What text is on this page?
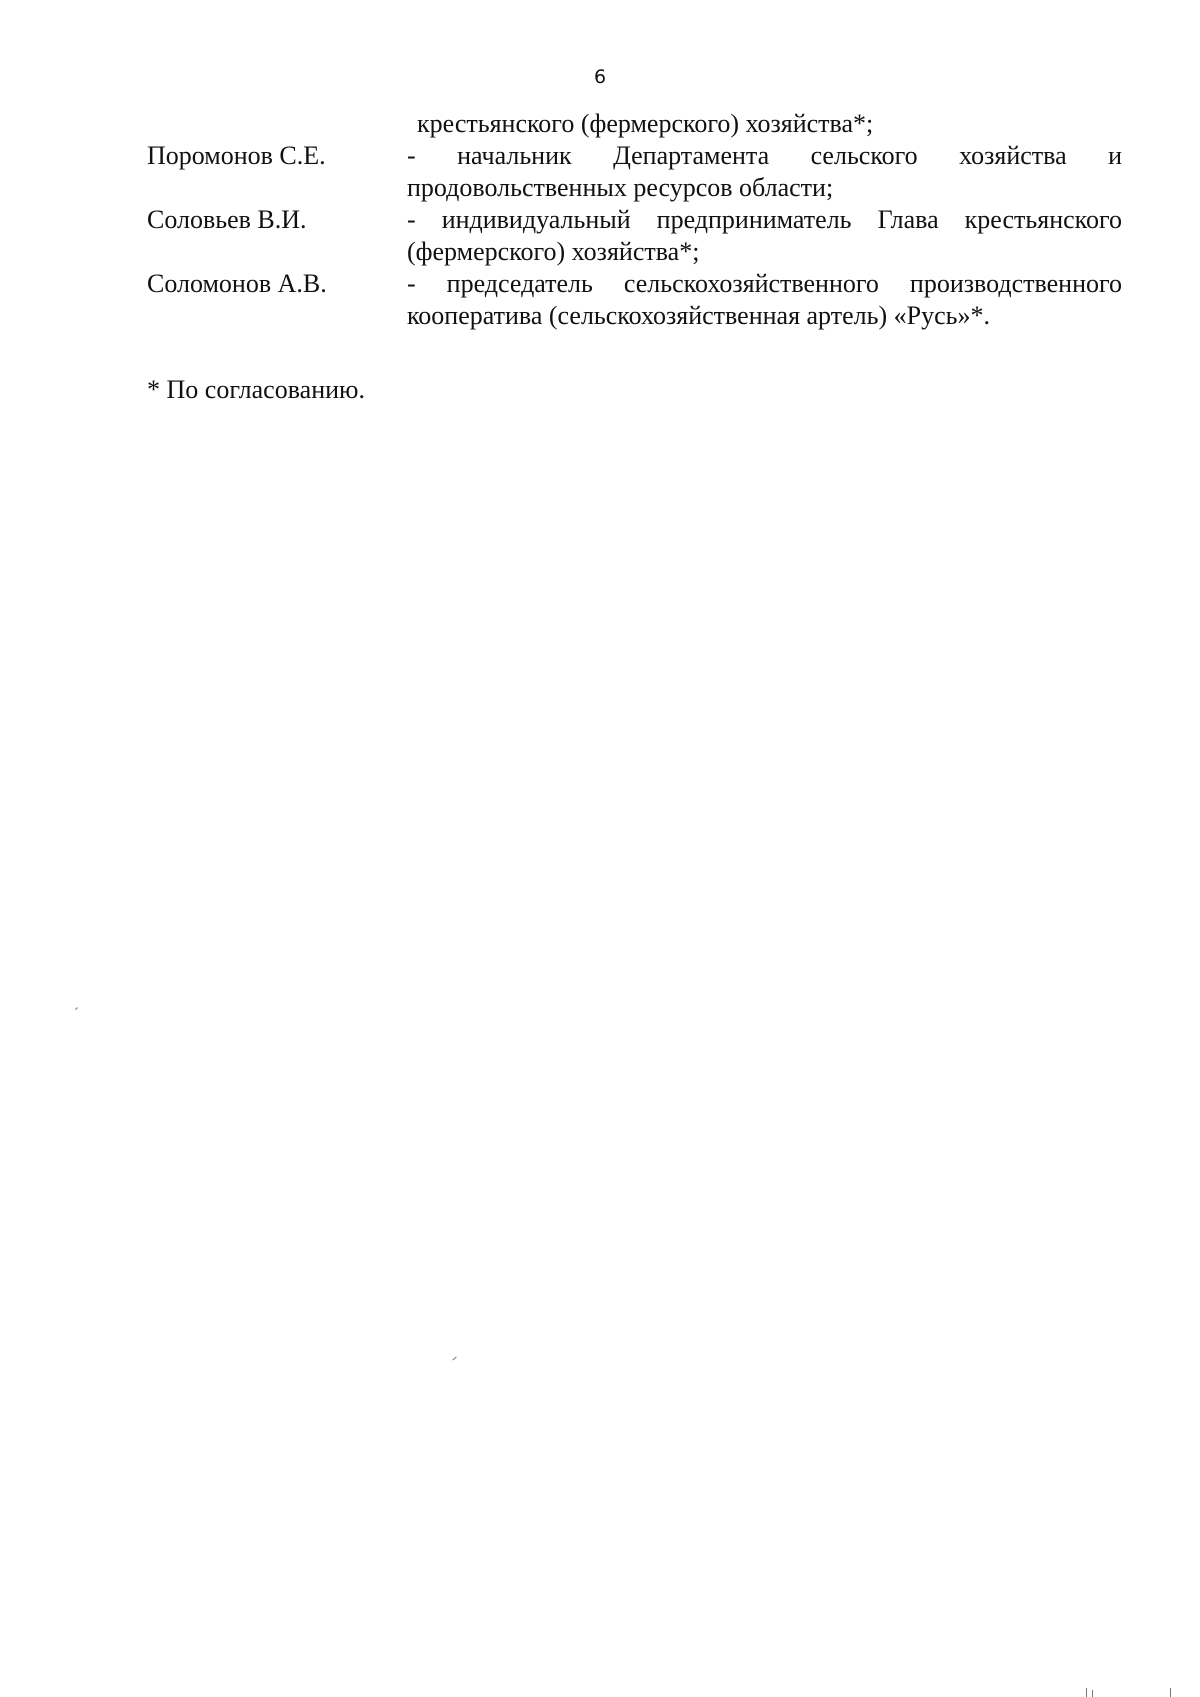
6
крестьянского (фермерского) хозяйства*;
Поромонов С.Е.	- начальник Департамента сельского хозяйства и
продовольственных ресурсов области;
Соловьев В.И.	- индивидуальный предприниматель Глава крестьянского
(фермерского) хозяйства*;
Соломонов А.В.	- председатель сельскохозяйственного производственного
кооператива (сельскохозяйственная артель) «Русь»*.
* По согласованию.
